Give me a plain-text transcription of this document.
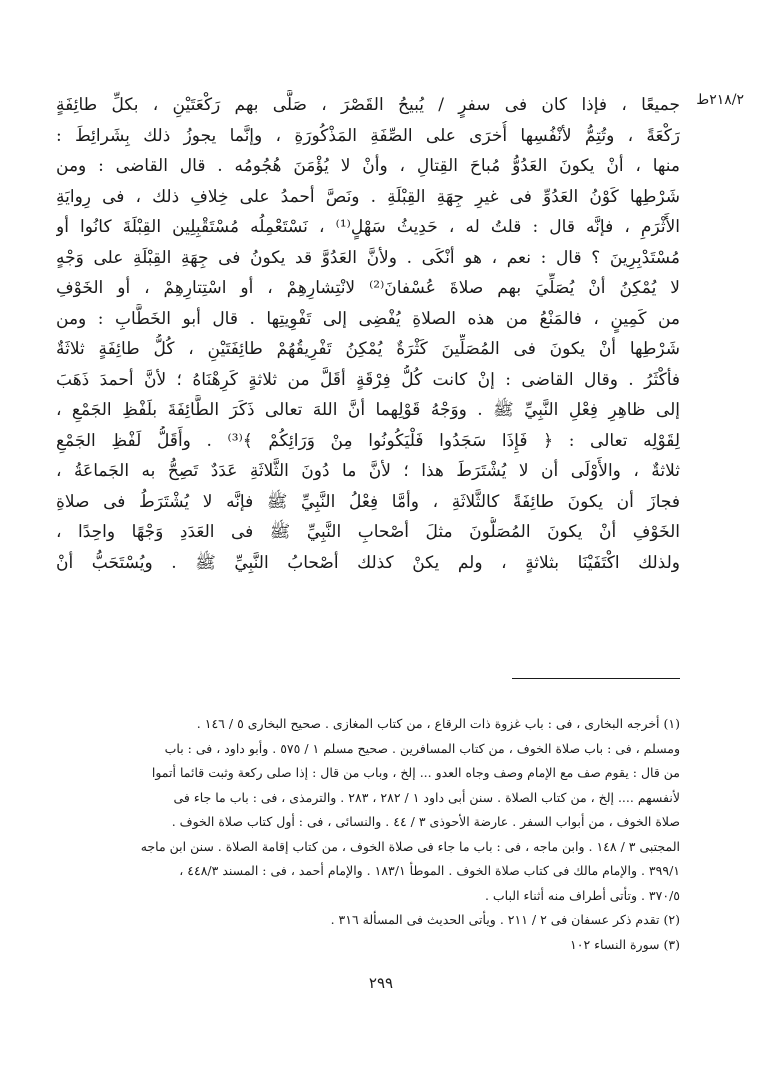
٢١٨/٢ط
جميعًا ، فإذا كان فى سفرٍ / يُبيحُ القَصْرَ ، صَلَّى بهم رَكْعَتَيْنِ ، بكلِّ طائِفَةٍ
رَكْعَةً ، وتُتِمُّ لأنْفُسِها أُخرَى على الصِّفَةِ المَذْكُورَةِ ، وإنَّما يجوزُ ذلك بِشَرائِطَ :
منها ، أنْ يكونَ العَدُوُّ مُباحَ القِتالِ ، وأنْ لا يُؤْمَنَ هُجُومُه . قال القاضى : ومن
شَرْطِها كَوْنُ العَدُوِّ فى غيرِ جِهَةِ القِبْلَةِ . ونَصَّ أحمدُ على خِلافِ ذلك ، فى رِوايَةِ
الأَثْرَمِ ، فإنَّه قال : قلتُ له ، حَدِيثُ سَهْلٍ⁽¹⁾ ، نَسْتَعْمِلُه مُسْتَقْبِلِين القِبْلَةَ كانُوا أو
مُسْتَدْبِرِينَ ؟ قال : نعم ، هو أنْكَى . ولأنَّ العَدُوَّ قد يكونُ فى جِهَةِ القِبْلَةِ على وَجْهٍ
لا يُمْكِنُ أنْ يُصَلِّيَ بهم صلاةَ عُسْفانَ⁽²⁾ لانْتِشارِهِمْ ، أو اسْتِتارِهِمْ ، أو الخَوْفِ
من كَمِينٍ ، فالمَنْعُ من هذه الصلاةِ يُفْضِى إلى تَفْوِيتِها . قال أبو الخَطَّابِ : ومن
شَرْطِها أنْ يكونَ فى المُصَلِّينَ كَثْرَةٌ يُمْكِنُ تَفْرِيقُهُمْ طائِفَتَيْنِ ، كُلُّ طائِفَةٍ ثلاثَةٌ
فأكْثَرُ . وقال القاضى : إنْ كانت كُلُّ فِرْقَةٍ أقَلَّ من ثلاثةٍ كَرِهْنَاهُ ؛ لأنَّ أحمدَ ذَهَبَ
إلى ظاهِرِ فِعْلِ النَّبِيِّ ﷺ . ووَجْهُ قَوْلِهما أنَّ اللهَ تعالى ذَكَرَ الطَّائِفَةَ بلَفْظِ الجَمْعِ ،
لِقَوْلِه تعالى : ﴿ فَإِذَا سَجَدُوا فَلْيَكُونُوا مِنْ وَرَائِكُمْ ﴾⁽³⁾ . وأَقَلُّ لَفْظِ الجَمْعِ
ثلاثةٌ ، والأَوْلَى أن لا يُشْتَرَطَ هذا ؛ لأنَّ ما دُونَ الثَّلاثَةِ عَدَدٌ تَصِحُّ به الجَماعَةُ ،
فجازَ أن يكونَ طائِفَةً كالثَّلاثَةِ ، وأمَّا فِعْلُ النَّبِيِّ ﷺ فإنَّه لا يُشْتَرَطُ فى صلاةِ
الخَوْفِ أنْ يكونَ المُصَلُّونَ مثلَ أصْحابِ النَّبِيِّ ﷺ فى العَدَدِ وَجْهًا واحِدًا ،
ولذلك اكْتَفَيْنَا بثلاثةٍ ، ولم يكنْ كذلك أصْحابُ النَّبِيِّ ﷺ . ويُسْتَحَبُّ أنْ
(١) أخرجه البخارى ، فى : باب غزوة ذات الرقاع ، من كتاب المغازى . صحيح البخارى ٥ / ١٤٦ .
ومسلم ، فى : باب صلاة الخوف ، من كتاب المسافرين . صحيح مسلم ١ / ٥٧٥ . وأبو داود ، فى : باب
من قال : يقوم صف مع الإمام وصف وجاه العدو ... إلخ ، وباب من قال : إذا صلى ركعة وثبت قائما أتموا
لأنفسهم .... إلخ ، من كتاب الصلاة . سنن أبى داود ١ / ٢٨٢ ، ٢٨٣ . والترمذى ، فى : باب ما جاء فى
صلاة الخوف ، من أبواب السفر . عارضة الأحوذى ٣ / ٤٤ . والنسائى ، فى : أول كتاب صلاة الخوف .
المجتبى ٣ / ١٤٨ . وابن ماجه ، فى : باب ما جاء فى صلاة الخوف ، من كتاب إقامة الصلاة . سنن ابن ماجه
٣٩٩/١ . والإمام مالك فى كتاب صلاة الخوف . الموطأ ١٨٣/١ . والإمام أحمد ، فى : المسند ٤٤٨/٣ ،
٣٧٠/٥ . وتأتى أطراف منه أثناء الباب .
(٢) تقدم ذكر عسفان فى ٢ / ٢١١ . ويأتى الحديث فى المسألة ٣١٦ .
(٣) سورة النساء ١٠٢
٢٩٩
